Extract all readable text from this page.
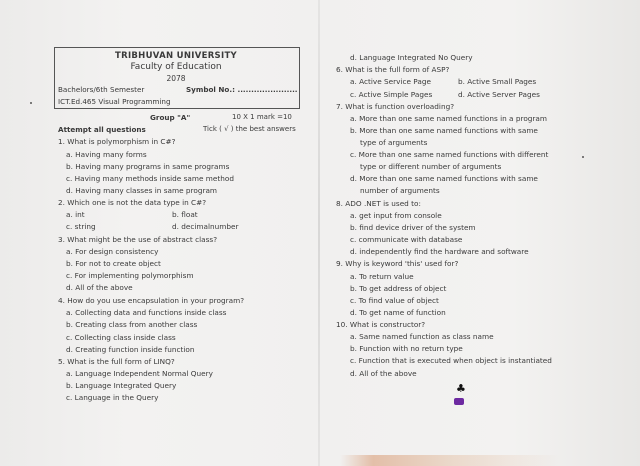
TRIBHUVAN UNIVERSITY
Faculty of Education
2078
Bachelors/6th Semester	Symbol No.: ......................
ICT.Ed.465 Visual Programming
Group "A"	10 X 1 mark =10
Attempt all questions	Tick ( √ ) the best answers
1. What is polymorphism in C#?
a. Having many forms
b. Having many programs in same programs
c. Having many methods inside same method
d. Having many classes in same program
2. Which one is not the data type in C#?
a. int	b. float
c. string	d. decimalnumber
3. What might be the use of abstract class?
a. For design consistency
b. For not to create object
c. For implementing polymorphism
d. All of the above
4. How do you use encapsulation in your program?
a. Collecting data and functions inside class
b. Creating class from another class
c. Collecting class inside class
d. Creating function inside function
5. What is the full form of LINQ?
a. Language Independent Normal Query
b. Language Integrated Query
c. Language in the Query
d. Language Integrated No Query
6. What is the full form of ASP?
a. Active Service Page	b. Active Small Pages
c. Active Simple Pages	d. Active Server Pages
7. What is function overloading?
a. More than one same named functions in a program
b. More than one same named functions with same
type of arguments
c. More than one same named functions with different
type or different number of arguments
d. More than one same named functions with same
number of arguments
8. ADO .NET is used to:
a. get input from console
b. find device driver of the system
c. communicate with database
d. independently find the hardware and software
9. Why is keyword 'this' used for?
a. To return value
b. To get address of object
c. To find value of object
d. To get name of function
10. What is constructor?
a. Same named function as class name
b. Function with no return type
c. Function that is executed when object is instantiated
d. All of the above
♣
